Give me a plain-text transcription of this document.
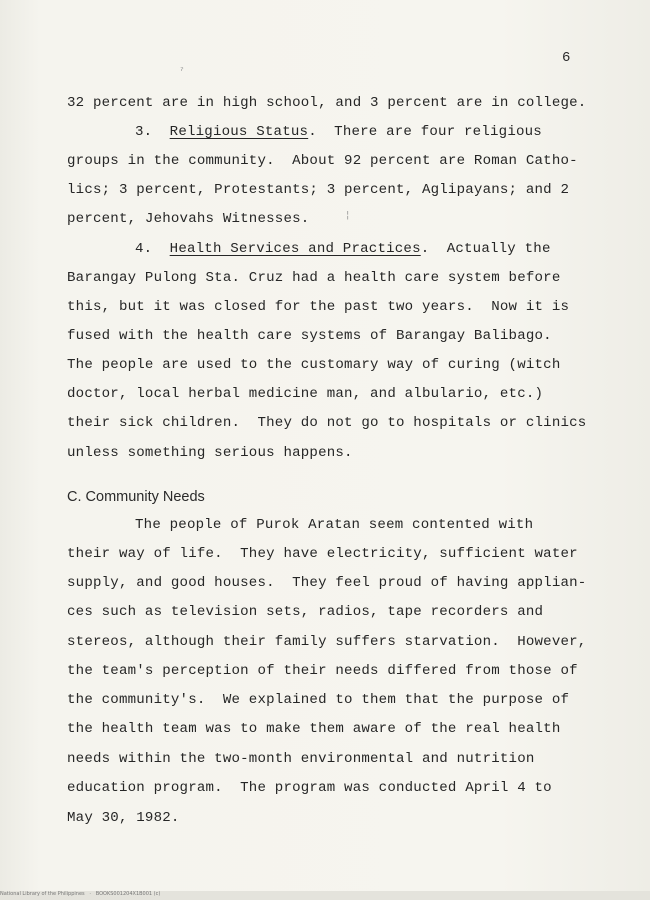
6
32 percent are in high school, and 3 percent are in college.
3. Religious Status.  There are four religious
groups in the community.  About 92 percent are Roman Catho-
lics; 3 percent, Protestants; 3 percent, Aglipayans; and 2
percent, Jehovahs Witnesses.
4. Health Services and Practices.  Actually the
Barangay Pulong Sta. Cruz had a health care system before
this, but it was closed for the past two years.  Now it is
fused with the health care systems of Barangay Balibago.
The people are used to the customary way of curing (witch
doctor, local herbal medicine man, and albulario, etc.)
their sick children.  They do not go to hospitals or clinics
unless something serious happens.
C. Community Needs
The people of Purok Aratan seem contented with
their way of life.  They have electricity, sufficient water
supply, and good houses.  They feel proud of having applian-
ces such as television sets, radios, tape recorders and
stereos, although their family suffers starvation.  However,
the team's perception of their needs differed from those of
the community's.  We explained to them that the purpose of
the health team was to make them aware of the real health
needs within the two-month environmental and nutrition
education program.  The program was conducted April 4 to
May 30, 1982.
ˀ
¦
National Library of the Philippines   ·   BOOKS001204X1B001 (c)
